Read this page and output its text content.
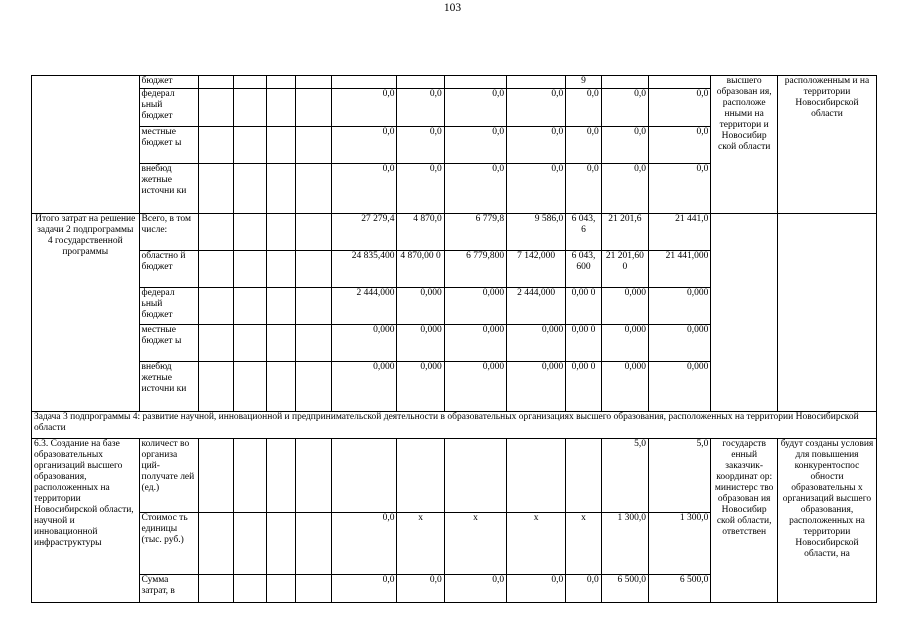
103
	бюджет									9			высшего образован ия, расположе нными на территори и Новосибир ской области	расположенным и на территории Новосибирской области
	федерал ьный бюджет					0,0	0,0	0,0	0,0	0,0	0,0	0,0		
	местные бюджет ы					0,0	0,0	0,0	0,0	0,0	0,0	0,0		
	внебюд жетные источни ки					0,0	0,0	0,0	0,0	0,0	0,0	0,0		
Итого затрат на решение задачи 2 подпрограммы 4 государственной программы	Всего, в том числе:					27 279,4	4 870,0	6 779,8	9 586,0	6 043, 6	21 201,6	21 441,0		
	областно й бюджет					24 835,400	4 870,00 0	6 779,800	7 142,000	6 043, 600	21 201,60 0	21 441,000		
	федерал ьный бюджет					2 444,000	0,000	0,000	2 444,000	0,00 0	0,000	0,000		
	местные бюджет ы					0,000	0,000	0,000	0,000	0,00 0	0,000	0,000		
	внебюд жетные источни ки					0,000	0,000	0,000	0,000	0,00 0	0,000	0,000		
Задача 3 подпрограммы 4: развитие научной, инновационной и предпринимательской деятельности в образовательных организациях высшего образования, расположенных на территории Новосибирской области														
6.3. Создание на базе образовательных организаций высшего образования, расположенных на территории Новосибирской области, научной и инновационной инфраструктуры	количест во организа ций- получате лей (ед.)										5,0	5,0	государств енный заказчик- координат ор: министерс тво образован ия Новосибир ской области, ответствен	будут созданы условия для повышения конкурентоспос обности образовательны х организаций высшего образования, расположенных на территории Новосибирской области, на
	Стоимос ть единицы (тыс. руб.)					0,0	x	x	x	x	1 300,0	1 300,0		
	Сумма затрат, в					0,0	0,0	0,0	0,0	0,0	6 500,0	6 500,0		
